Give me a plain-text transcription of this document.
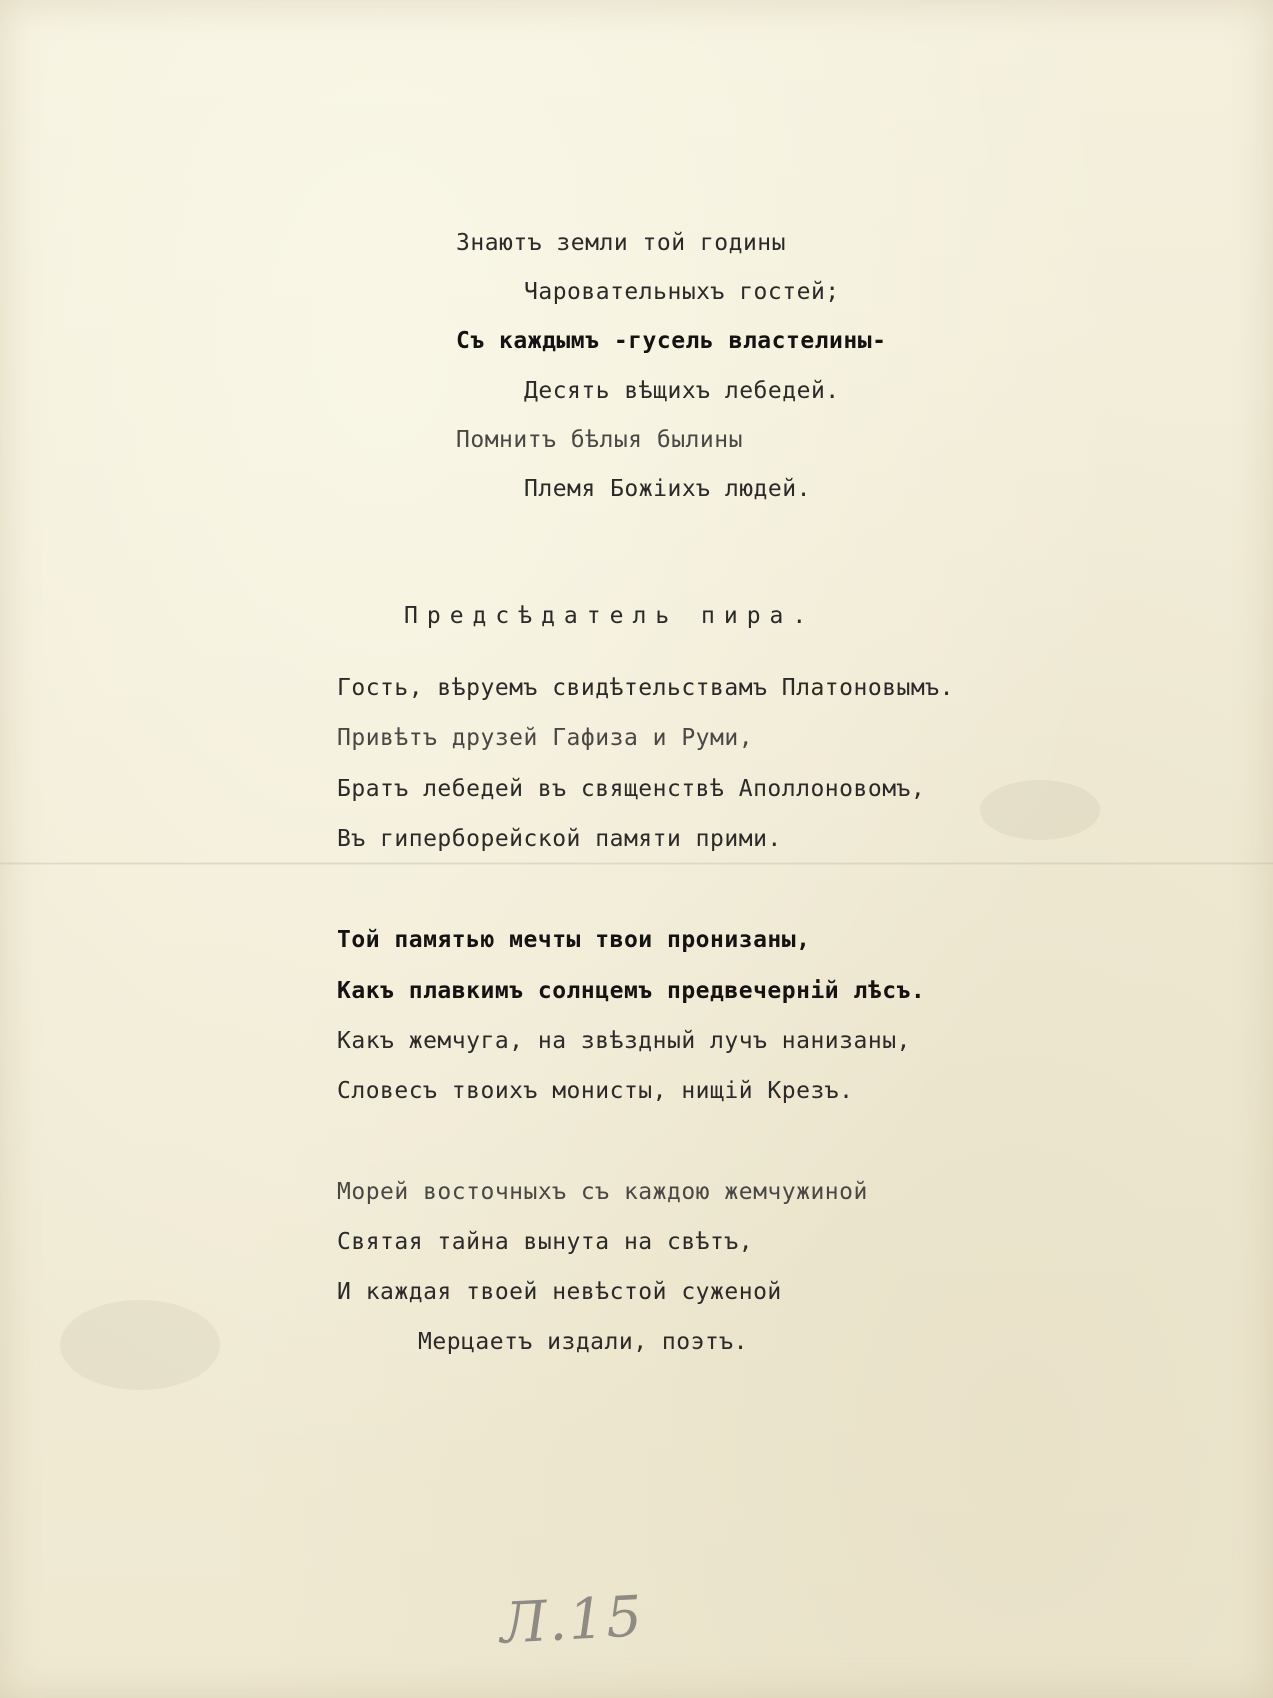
Знаютъ земли той годины

Чаровательныхъ гостей;

Съ каждымъ -гусель властелины-

Десять вѣщихъ лебедей.

Помнитъ бѣлыя былины

Племя Божіихъ людей.

Предсѣдатель пира.

Гость, вѣруемъ свидѣтельствамъ Платоновымъ.

Привѣтъ друзей Гафиза и Руми,

Братъ лебедей въ священствѣ Аполлоновомъ,

Въ гиперборейской памяти прими.

Той памятью мечты твои пронизаны,

Какъ плавкимъ солнцемъ предвечерній лѣсъ.

Какъ жемчуга, на звѣздный лучъ нанизаны,

Словесъ твоихъ монисты, нищій Крезъ.

Морей восточныхъ съ каждою жемчужиной

Святая тайна вынута на свѣтъ,

И каждая твоей невѣстой суженой

Мерцаетъ издали, поэтъ.

Л.15
